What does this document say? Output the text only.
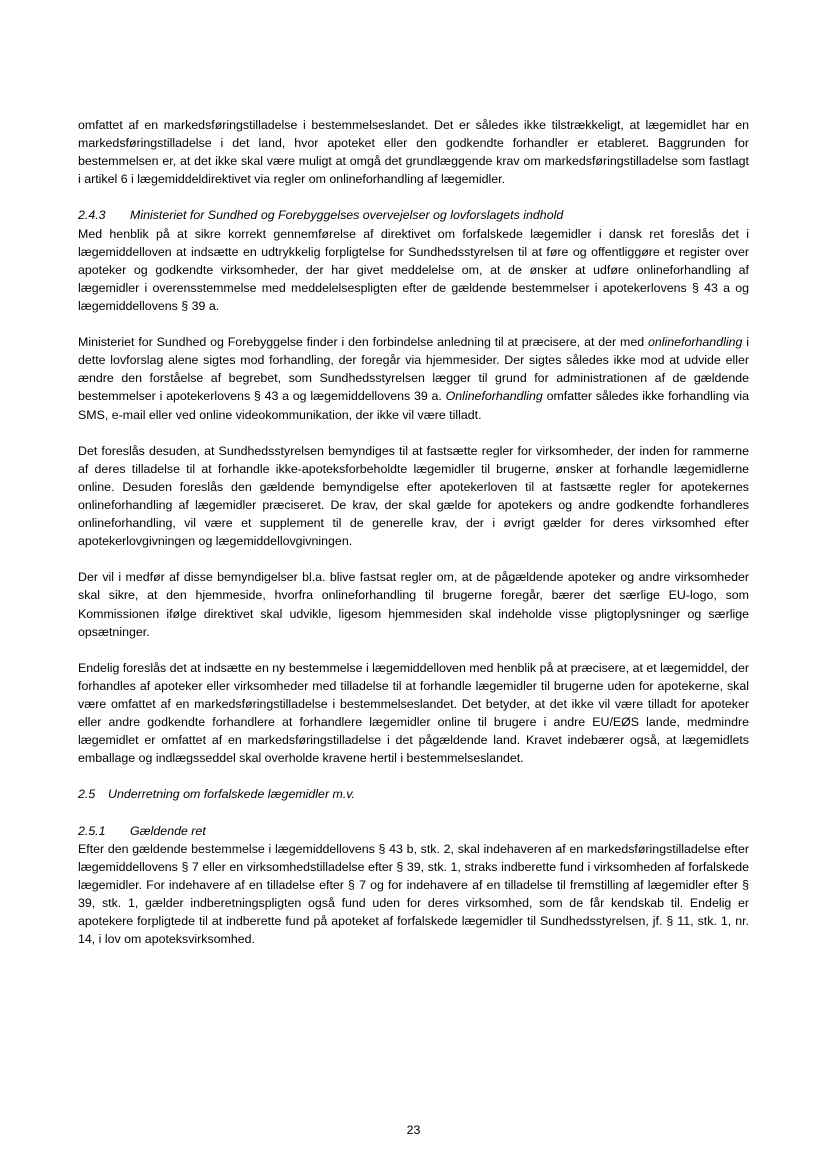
omfattet af en markedsføringstilladelse i bestemmelseslandet. Det er således ikke tilstrækkeligt, at lægemidlet har en markedsføringstilladelse i det land, hvor apoteket eller den godkendte forhandler er etableret. Baggrunden for bestemmelsen er, at det ikke skal være muligt at omgå det grundlæggende krav om markedsføringstilladelse som fastlagt i artikel 6 i lægemiddeldirektivet via regler om onlineforhandling af lægemidler.

2.4.3 Ministeriet for Sundhed og Forebyggelses overvejelser og lovforslagets indhold

Med henblik på at sikre korrekt gennemførelse af direktivet om forfalskede lægemidler i dansk ret foreslås det i lægemiddelloven at indsætte en udtrykkelig forpligtelse for Sundhedsstyrelsen til at føre og offentliggøre et register over apoteker og godkendte virksomheder, der har givet meddelelse om, at de ønsker at udføre onlineforhandling af lægemidler i overensstemmelse med meddelelsespligten efter de gældende bestemmelser i apotekerlovens § 43 a og lægemiddellovens § 39 a.

Ministeriet for Sundhed og Forebyggelse finder i den forbindelse anledning til at præcisere, at der med onlineforhandling i dette lovforslag alene sigtes mod forhandling, der foregår via hjemmesider. Der sigtes således ikke mod at udvide eller ændre den forståelse af begrebet, som Sundhedsstyrelsen lægger til grund for administrationen af de gældende bestemmelser i apotekerlovens § 43 a og lægemiddellovens 39 a. Onlineforhandling omfatter således ikke forhandling via SMS, e-mail eller ved online videokommunikation, der ikke vil være tilladt.

Det foreslås desuden, at Sundhedsstyrelsen bemyndiges til at fastsætte regler for virksomheder, der inden for rammerne af deres tilladelse til at forhandle ikke-apoteksforbeholdte lægemidler til brugerne, ønsker at forhandle lægemidlerne online. Desuden foreslås den gældende bemyndigelse efter apotekerloven til at fastsætte regler for apotekernes onlineforhandling af lægemidler præciseret. De krav, der skal gælde for apotekers og andre godkendte forhandleres onlineforhandling, vil være et supplement til de generelle krav, der i øvrigt gælder for deres virksomhed efter apotekerlovgivningen og lægemiddellovgivningen.

Der vil i medfør af disse bemyndigelser bl.a. blive fastsat regler om, at de pågældende apoteker og andre virksomheder skal sikre, at den hjemmeside, hvorfra onlineforhandling til brugerne foregår, bærer det særlige EU-logo, som Kommissionen ifølge direktivet skal udvikle, ligesom hjemmesiden skal indeholde visse pligtoplysninger og særlige opsætninger.

Endelig foreslås det at indsætte en ny bestemmelse i lægemiddelloven med henblik på at præcisere, at et lægemiddel, der forhandles af apoteker eller virksomheder med tilladelse til at forhandle lægemidler til brugerne uden for apotekerne, skal være omfattet af en markedsføringstilladelse i bestemmelseslandet. Det betyder, at det ikke vil være tilladt for apoteker eller andre godkendte forhandlere at forhandlere lægemidler online til brugere i andre EU/EØS lande, medmindre lægemidlet er omfattet af en markedsføringstilladelse i det pågældende land. Kravet indebærer også, at lægemidlets emballage og indlægsseddel skal overholde kravene hertil i bestemmelseslandet.

2.5 Underretning om forfalskede lægemidler m.v.

2.5.1 Gældende ret

Efter den gældende bestemmelse i lægemiddellovens § 43 b, stk. 2, skal indehaveren af en markedsføringstilladelse efter lægemiddellovens § 7 eller en virksomhedstilladelse efter § 39, stk. 1, straks indberette fund i virksomheden af forfalskede lægemidler. For indehavere af en tilladelse efter § 7 og for indehavere af en tilladelse til fremstilling af lægemidler efter § 39, stk. 1, gælder indberetningspligten også fund uden for deres virksomhed, som de får kendskab til. Endelig er apotekere forpligtede til at indberette fund på apoteket af forfalskede lægemidler til Sundhedsstyrelsen, jf. § 11, stk. 1, nr. 14, i lov om apoteksvirksomhed.

23
